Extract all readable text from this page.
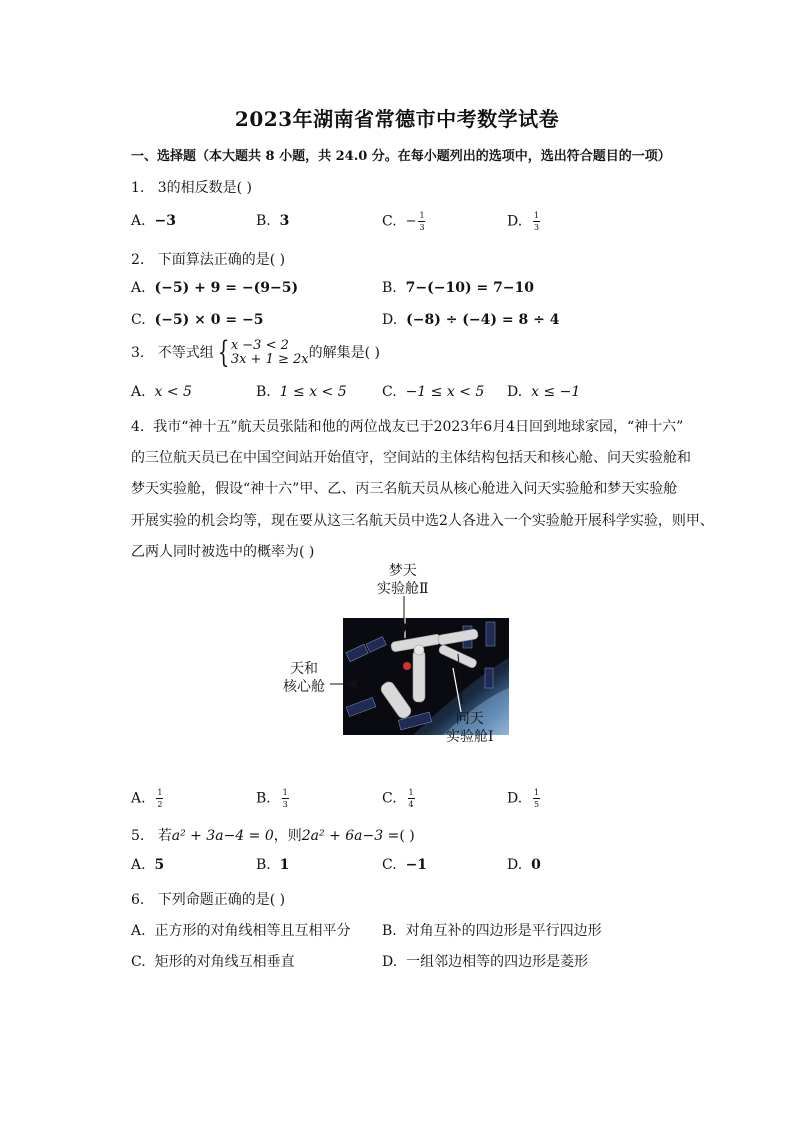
2023年湖南省常德市中考数学试卷
一、选择题（本大题共 8 小题，共 24.0 分。在每小题列出的选项中，选出符合题目的一项）
1. 3的相反数是( )
A. −3	B. 3	C. − $\frac{1}{3}$	D. $\frac{1}{3}$
2. 下面算法正确的是( )
A. (−5) + 9 = −(9−5)	B. 7−(−10) = 7−10
C. (−5) × 0 = −5	D. (−8) ÷ (−4) = 8 ÷ 4
3. 不等式组 { x −3 < 2
3x + 1 ≥ 2x 的解集是( )
A. x < 5	B. 1 ≤ x < 5	C. −1 ≤ x < 5 D. x ≤ −1
4. 我市“神十五”航天员张陆和他的两位战友已于2023年6月4日回到地球家园，“神十六”
的三位航天员已在中国空间站开始值守，空间站的主体结构包括天和核心舱、问天实验舱和
梦天实验舱，假设“神十六”甲、乙、丙三名航天员从核心舱进入问天实验舱和梦天实验舱
开展实验的机会均等，现在要从这三名航天员中选2人各进入一个实验舱开展科学实验，则甲、
乙两人同时被选中的概率为( )
梦天
实验舱Ⅱ
天和
核心舱
问天
实验舱Ⅰ
A. $\frac{1}{2}$	B. $\frac{1}{3}$	C. $\frac{1}{4}$	D. $\frac{1}{5}$
5. 若a² + 3a−4 = 0，则2a² + 6a−3 =( )
A. 5	B. 1	C. −1	D. 0
6. 下列命题正确的是( )
A. 正方形的对角线相等且互相平分 B. 对角互补的四边形是平行四边形
C. 矩形的对角线互相垂直	D. 一组邻边相等的四边形是菱形
